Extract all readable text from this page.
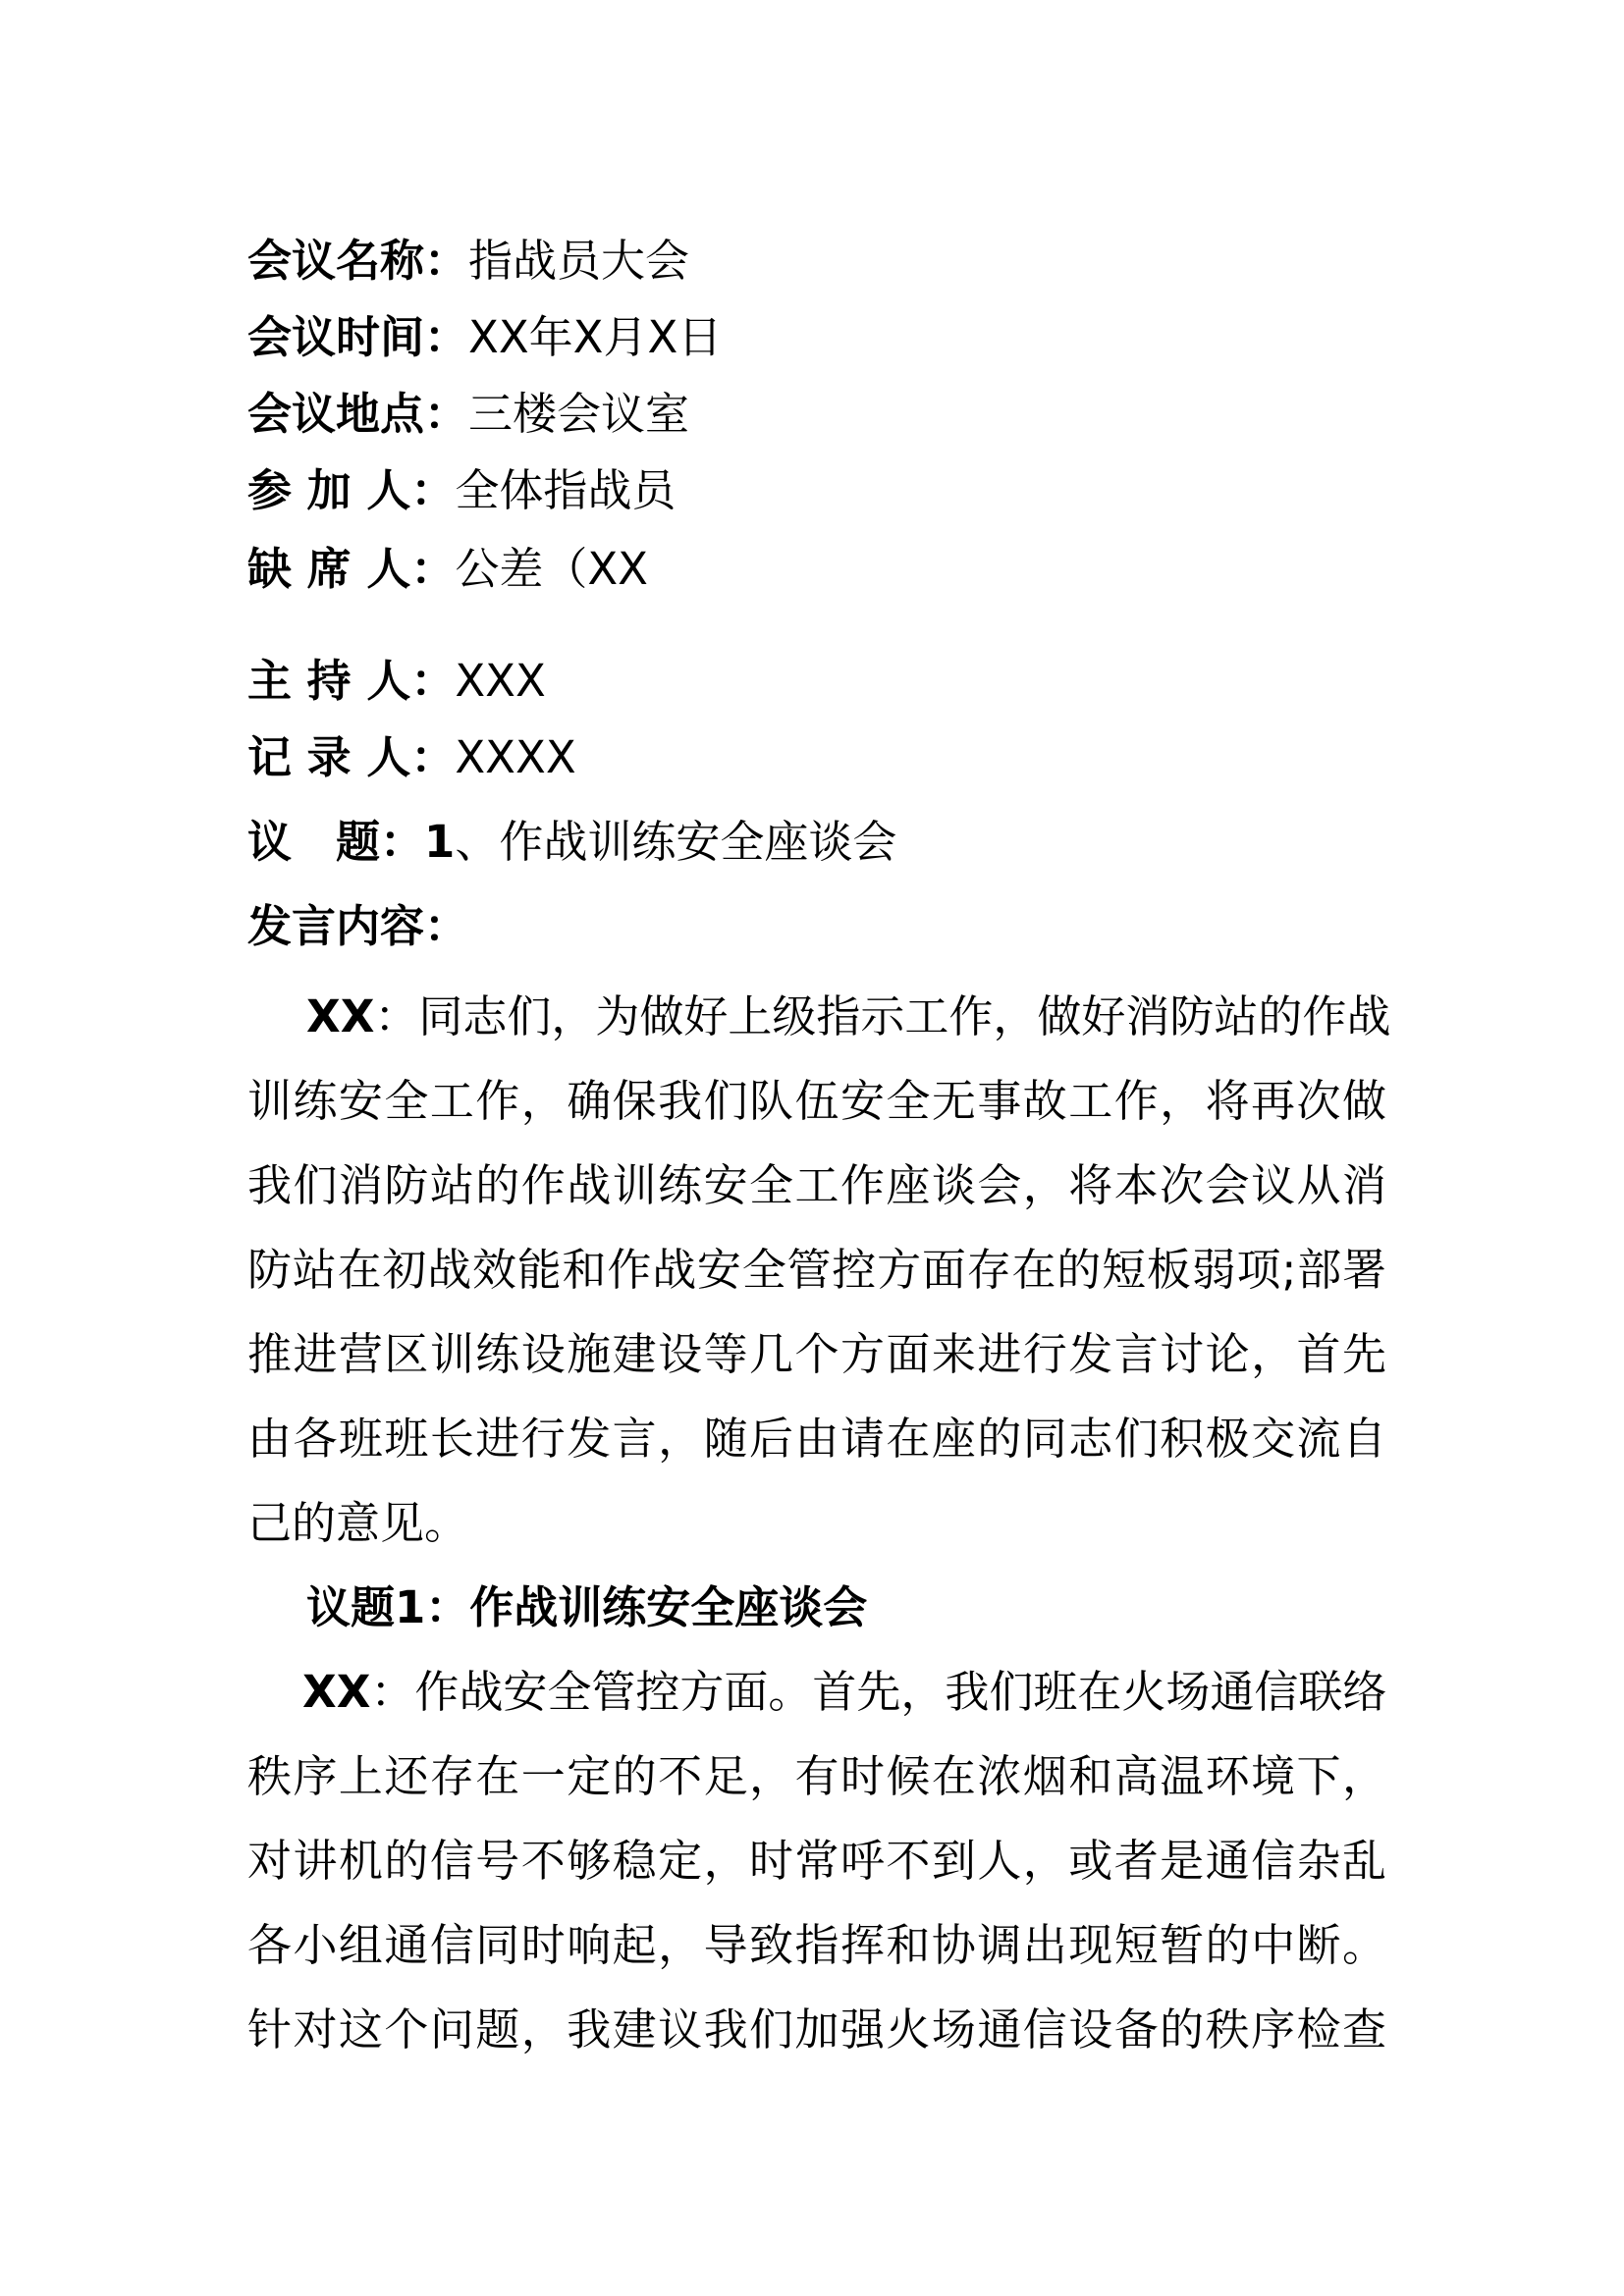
会议名称：指战员大会
会议时间：XX年X月X日
会议地点：三楼会议室
参 加 人：全体指战员
缺 席 人：公差（XX
主 持 人：XXX
记 录 人：XXXX
议　题：1、作战训练安全座谈会
发言内容：
XX：同志们，为做好上级指示工作，做好消防站的作战
训练安全工作，确保我们队伍安全无事故工作，将再次做
我们消防站的作战训练安全工作座谈会，将本次会议从消
防站在初战效能和作战安全管控方面存在的短板弱项;部署
推进营区训练设施建设等几个方面来进行发言讨论，首先
由各班班长进行发言，随后由请在座的同志们积极交流自
己的意见。
议题1：作战训练安全座谈会
XX：作战安全管控方面。首先，我们班在火场通信联络
秩序上还存在一定的不足，有时候在浓烟和高温环境下，
对讲机的信号不够稳定，时常呼不到人，或者是通信杂乱
各小组通信同时响起，导致指挥和协调出现短暂的中断。
针对这个问题，我建议我们加强火场通信设备的秩序检查
